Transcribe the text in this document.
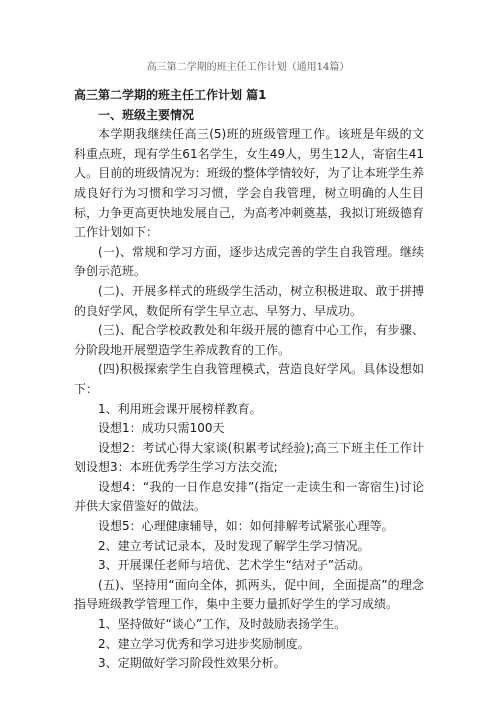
高三第二学期的班主任工作计划（通用14篇）

高三第二学期的班主任工作计划 篇1

一、班级主要情况

本学期我继续任高三(5)班的班级管理工作。该班是年级的文科重点班，现有学生61名学生，女生49人，男生12人，寄宿生41人。目前的班级情况为：班级的整体学情较好，为了让本班学生养成良好行为习惯和学习习惯，学会自我管理，树立明确的人生目标，力争更高更快地发展自己，为高考冲刺奠基，我拟订班级德育工作计划如下：

(一)、常规和学习方面，逐步达成完善的学生自我管理。继续争创示范班。

(二)、开展多样式的班级学生活动，树立积极进取、敢于拼搏的良好学风，数促所有学生早立志、早努力、早成功。

(三)、配合学校政教处和年级开展的德育中心工作，有步骤、分阶段地开展塑造学生养成教育的工作。

(四)积极探索学生自我管理模式，营造良好学风。具体设想如下：

1、利用班会课开展榜样教育。

设想1：成功只需100天

设想2：考试心得大家谈(积累考试经验);高三下班主任工作计划设想3：本班优秀学生学习方法交流;

设想4：“我的一日作息安排”(指定一走读生和一寄宿生)讨论并供大家借鉴好的做法。

设想5：心理健康辅导，如：如何排解考试紧张心理等。

2、建立考试记录本，及时发现了解学生学习情况。

3、开展课任老师与培优、艺术学生“结对子”活动。

(五)、坚持用“面向全体，抓两头，促中间，全面提高”的理念指导班级教学管理工作，集中主要力量抓好学生的学习成绩。

1、坚持做好“谈心”工作，及时鼓励表扬学生。

2、建立学习优秀和学习进步奖励制度。

3、定期做好学习阶段性效果分析。
